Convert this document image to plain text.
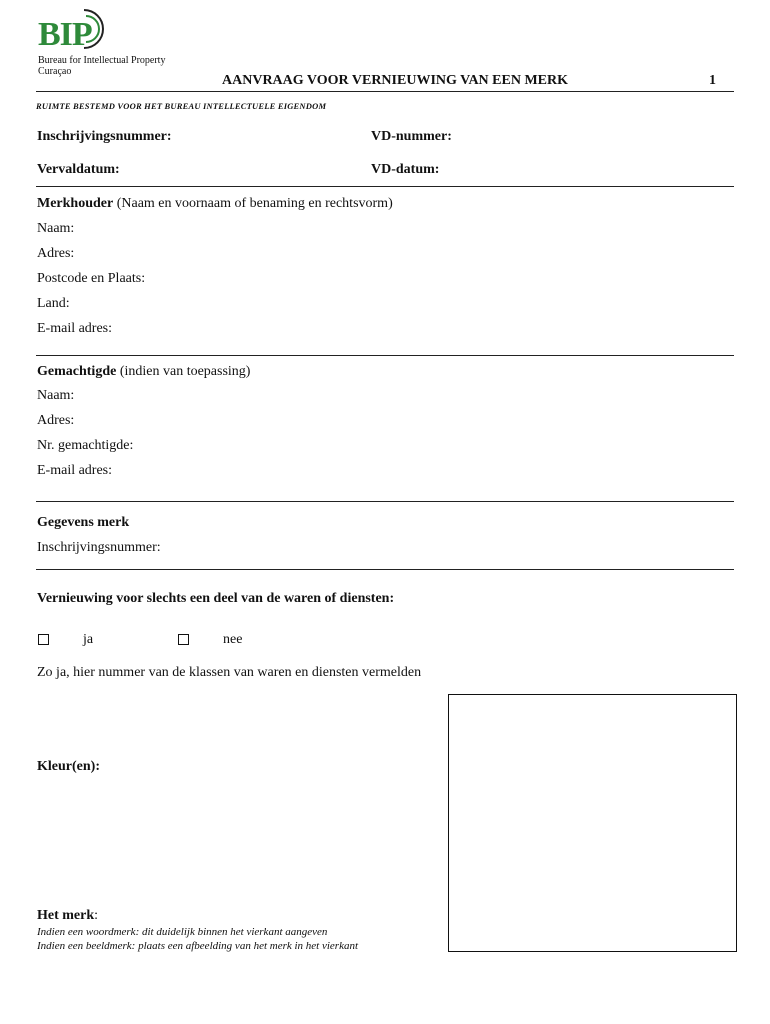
BIP
Bureau for Intellectual Property
Curaçao
AANVRAAG VOOR VERNIEUWING VAN EEN MERK	1
RUIMTE BESTEMD VOOR HET BUREAU INTELLECTUELE EIGENDOM
Inschrijvingsnummer:	VD-nummer:
Vervaldatum:	VD-datum:
Merkhouder (Naam en voornaam of benaming en rechtsvorm)
Naam:
Adres:
Postcode en Plaats:
Land:
E-mail adres:
Gemachtigde (indien van toepassing)
Naam:
Adres:
Nr. gemachtigde:
E-mail adres:
Gegevens merk
Inschrijvingsnummer:
Vernieuwing voor slechts een deel van de waren of diensten:
ja	nee
Zo ja, hier nummer van de klassen van waren en diensten vermelden
Kleur(en):
Het merk:
Indien een woordmerk: dit duidelijk binnen het vierkant aangeven
Indien een beeldmerk: plaats een afbeelding van het merk in het vierkant
